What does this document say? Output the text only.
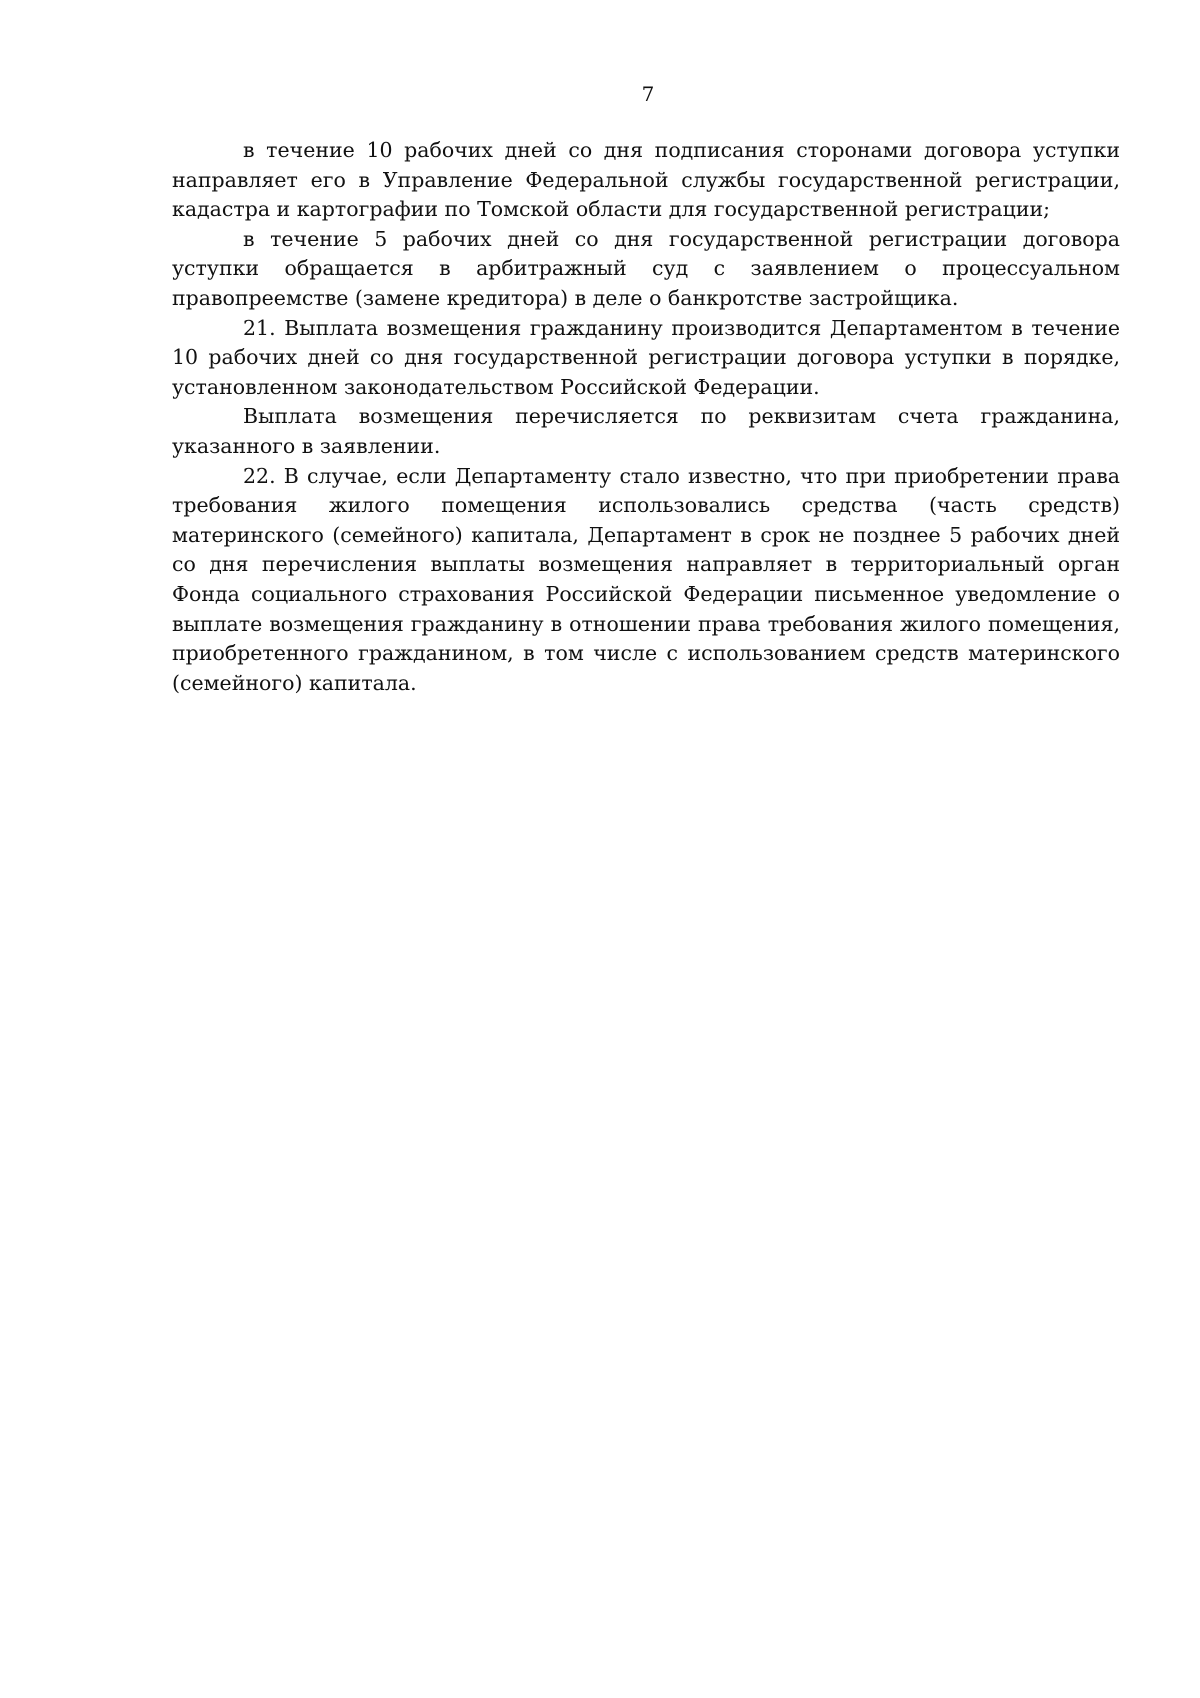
7

в течение 10 рабочих дней со дня подписания сторонами договора уступки направляет его в Управление Федеральной службы государственной регистрации, кадастра и картографии по Томской области для государственной регистрации;

в течение 5 рабочих дней со дня государственной регистрации договора уступки обращается в арбитражный суд с заявлением о процессуальном правопреемстве (замене кредитора) в деле о банкротстве застройщика.

21. Выплата возмещения гражданину производится Департаментом в течение 10 рабочих дней со дня государственной регистрации договора уступки в порядке, установленном законодательством Российской Федерации.

Выплата возмещения перечисляется по реквизитам счета гражданина, указанного в заявлении.

22. В случае, если Департаменту стало известно, что при приобретении права требования жилого помещения использовались средства (часть средств) материнского (семейного) капитала, Департамент в срок не позднее 5 рабочих дней со дня перечисления выплаты возмещения направляет в территориальный орган Фонда социального страхования Российской Федерации письменное уведомление о выплате возмещения гражданину в отношении права требования жилого помещения, приобретенного гражданином, в том числе с использованием средств материнского (семейного) капитала.
